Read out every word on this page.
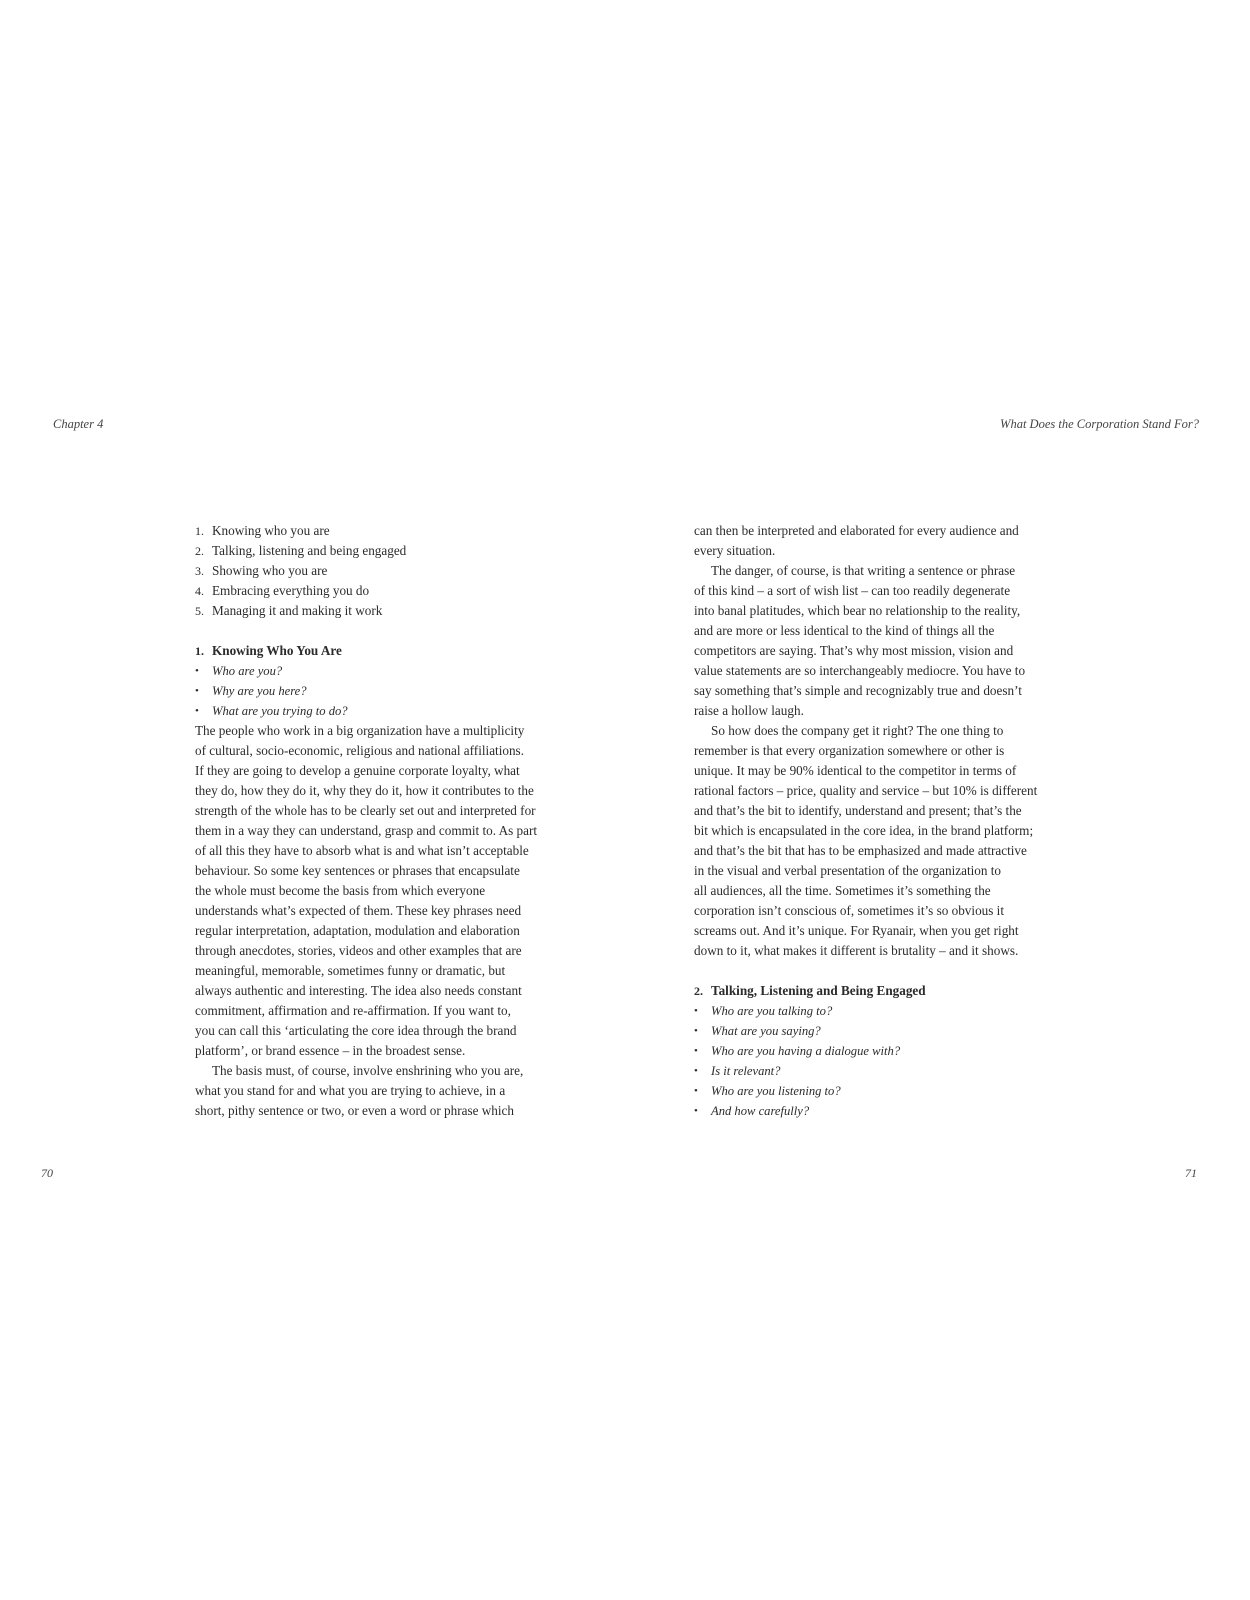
Chapter 4	What Does the Corporation Stand For?
1. Knowing who you are
2. Talking, listening and being engaged
3. Showing who you are
4. Embracing everything you do
5. Managing it and making it work
1. Knowing Who You Are
•	Who are you?
•	Why are you here?
•	What are you trying to do?
The people who work in a big organization have a multiplicity
of cultural, socio-economic, religious and national affiliations.
If they are going to develop a genuine corporate loyalty, what
they do, how they do it, why they do it, how it contributes to the
strength of the whole has to be clearly set out and interpreted for
them in a way they can understand, grasp and commit to. As part
of all this they have to absorb what is and what isn’t acceptable
behaviour. So some key sentences or phrases that encapsulate
the whole must become the basis from which everyone
understands what’s expected of them. These key phrases need
regular interpretation, adaptation, modulation and elaboration
through anecdotes, stories, videos and other examples that are
meaningful, memorable, sometimes funny or dramatic, but
always authentic and interesting. The idea also needs constant
commitment, affirmation and re-affirmation. If you want to,
you can call this ‘articulating the core idea through the brand
platform’, or brand essence – in the broadest sense.
The basis must, of course, involve enshrining who you are,
what you stand for and what you are trying to achieve, in a
short, pithy sentence or two, or even a word or phrase which
can then be interpreted and elaborated for every audience and
every situation.
The danger, of course, is that writing a sentence or phrase
of this kind – a sort of wish list – can too readily degenerate
into banal platitudes, which bear no relationship to the reality,
and are more or less identical to the kind of things all the
competitors are saying. That’s why most mission, vision and
value statements are so interchangeably mediocre. You have to
say something that’s simple and recognizably true and doesn’t
raise a hollow laugh.
So how does the company get it right? The one thing to
remember is that every organization somewhere or other is
unique. It may be 90% identical to the competitor in terms of
rational factors – price, quality and service – but 10% is different
and that’s the bit to identify, understand and present; that’s the
bit which is encapsulated in the core idea, in the brand platform;
and that’s the bit that has to be emphasized and made attractive
in the visual and verbal presentation of the organization to
all audiences, all the time. Sometimes it’s something the
corporation isn’t conscious of, sometimes it’s so obvious it
screams out. And it’s unique. For Ryanair, when you get right
down to it, what makes it different is brutality – and it shows.
2. Talking, Listening and Being Engaged
•	Who are you talking to?
•	What are you saying?
•	Who are you having a dialogue with?
•	Is it relevant?
•	Who are you listening to?
•	And how carefully?
70	71
